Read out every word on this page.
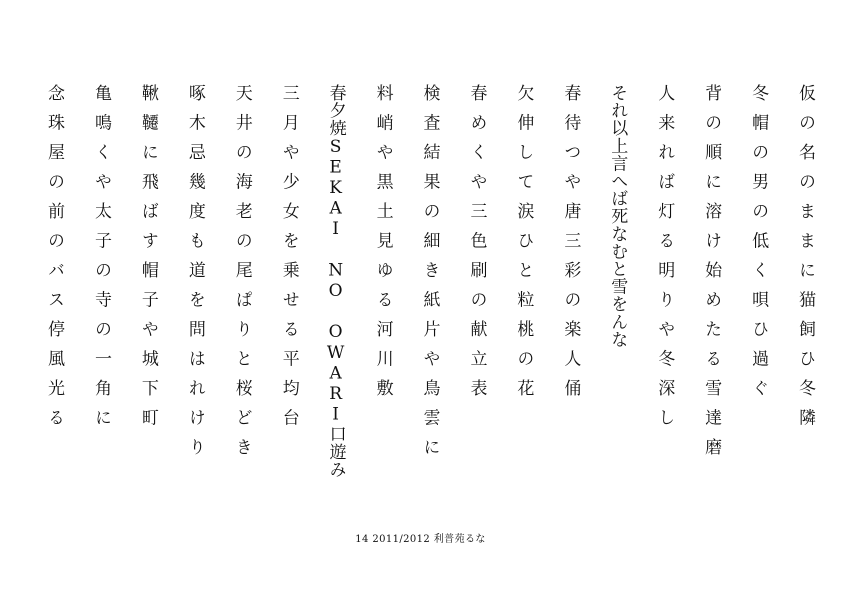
仮の名のままに猫飼ひ冬隣
冬帽の男の低く唄ひ過ぐ
背の順に溶け始めたる雪達磨
人来れば灯る明りや冬深し
それ以上言へば死なむと雪をんな
春待つや唐三彩の楽人俑
欠伸して涙ひと粒桃の花
春めくや三色刷の献立表
検査結果の細き紙片や鳥雲に
料峭や黒土見ゆる河川敷
春夕焼SEKAI NO OWARI口遊み
三月や少女を乗せる平均台
天井の海老の尾ぱりと桜どき
啄木忌幾度も道を問はれけり
鞦韆に飛ばす帽子や城下町
亀鳴くや太子の寺の一角に
念珠屋の前のバス停風光る
14 2011/2012 利普苑るな
